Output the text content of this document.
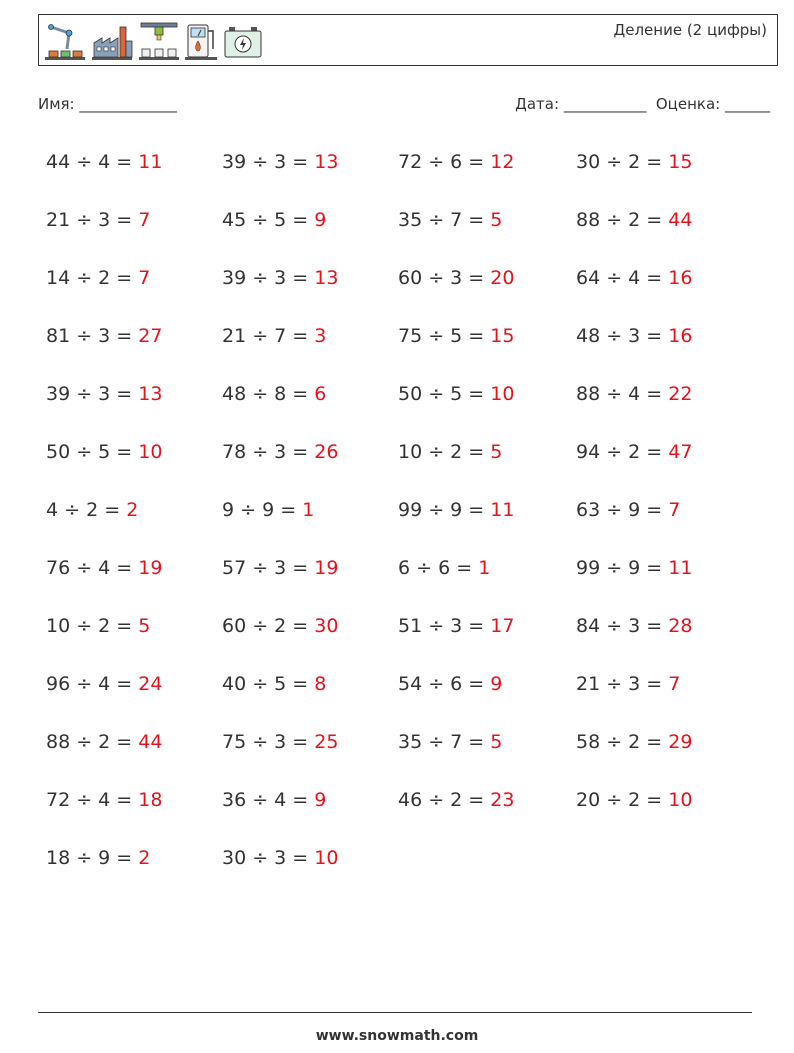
Деление (2 цифры)
Имя: _____________	Дата: ___________ Оценка: ______
44 ÷ 4 = 11	39 ÷ 3 = 13	72 ÷ 6 = 12	30 ÷ 2 = 15
21 ÷ 3 = 7	45 ÷ 5 = 9	35 ÷ 7 = 5	88 ÷ 2 = 44
14 ÷ 2 = 7	39 ÷ 3 = 13	60 ÷ 3 = 20	64 ÷ 4 = 16
81 ÷ 3 = 27	21 ÷ 7 = 3	75 ÷ 5 = 15	48 ÷ 3 = 16
39 ÷ 3 = 13	48 ÷ 8 = 6	50 ÷ 5 = 10	88 ÷ 4 = 22
50 ÷ 5 = 10	78 ÷ 3 = 26	10 ÷ 2 = 5	94 ÷ 2 = 47
4 ÷ 2 = 2	9 ÷ 9 = 1	99 ÷ 9 = 11	63 ÷ 9 = 7
76 ÷ 4 = 19	57 ÷ 3 = 19	6 ÷ 6 = 1	99 ÷ 9 = 11
10 ÷ 2 = 5	60 ÷ 2 = 30	51 ÷ 3 = 17	84 ÷ 3 = 28
96 ÷ 4 = 24	40 ÷ 5 = 8	54 ÷ 6 = 9	21 ÷ 3 = 7
88 ÷ 2 = 44	75 ÷ 3 = 25	35 ÷ 7 = 5	58 ÷ 2 = 29
72 ÷ 4 = 18	36 ÷ 4 = 9	46 ÷ 2 = 23	20 ÷ 2 = 10
18 ÷ 9 = 2	30 ÷ 3 = 10
www.snowmath.com
